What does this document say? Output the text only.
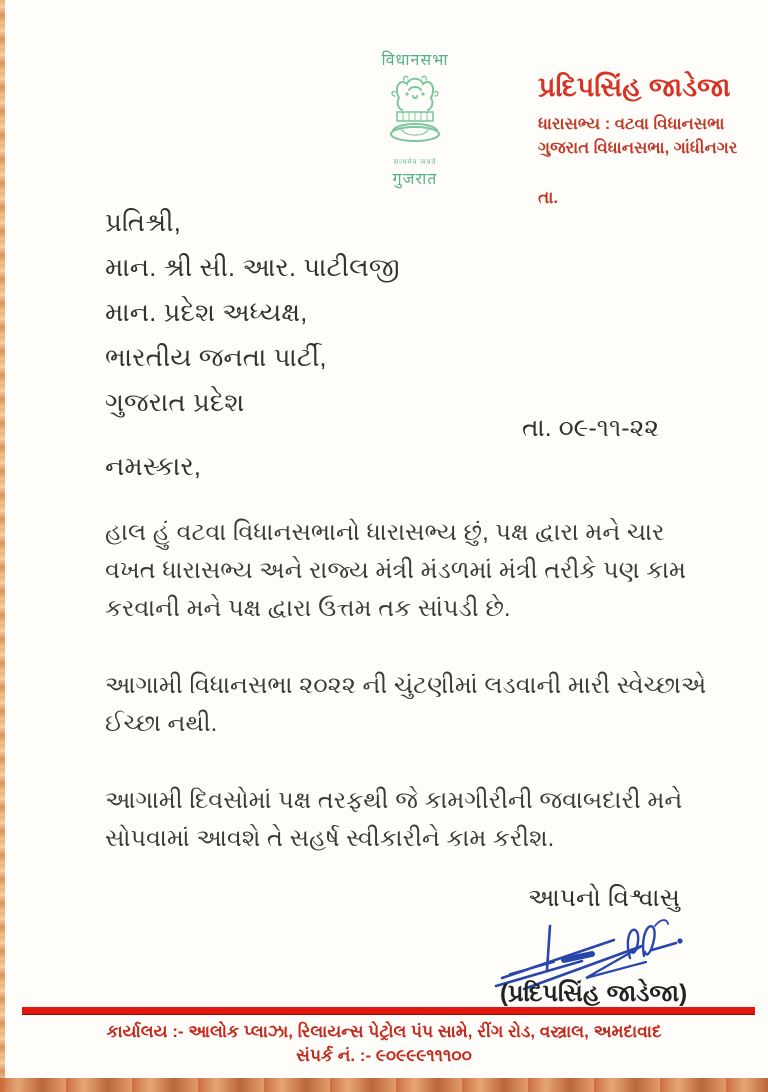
विधानसभा
सत्यमेव जयते
गुजरात
પ્રદિપસિંહ જાડેજા
ધારાસભ્ય : વટવા વિધાનસભા
ગુજરાત વિધાનસભા, ગાંધીનગર
તા.
પ્રતિશ્રી,
માન. શ્રી સી. આર. પાટીલજી
માન. પ્રદેશ અધ્યક્ષ,
ભારતીય જનતા પાર્ટી,
ગુજરાત પ્રદેશ
તા. ૦૯-૧૧-૨૨
નમસ્કાર,
હાલ હું વટવા વિધાનસભાનો ધારાસભ્ય છું, પક્ષ દ્વારા મને ચાર વખત ધારાસભ્ય અને રાજ્ય મંત્રી મંડળમાં મંત્રી તરીકે પણ કામ કરવાની મને પક્ષ દ્વારા ઉત્તમ તક સાંપડી છે.
આગામી વિધાનસભા ૨૦૨૨ ની ચુંટણીમાં લડવાની મારી સ્વેચ્છાએ ઈચ્છા નથી.
આગામી દિવસોમાં પક્ષ તરફથી જે કામગીરીની જવાબદારી મને સોપવામાં આવશે તે સહર્ષ સ્વીકારીને કામ કરીશ.
આપનો વિશ્વાસુ
(પ્રદિપસિંહ જાડેજા)
કાર્યાલય :- આલોક પ્લાઝા, રિલાયન્સ પેટ્રોલ પંપ સામે, રીંગ રોડ, વસ્ત્રાલ, અમદાવાદ
સંપર્ક નં. :- ૯૦૯૯૯૧૧૧૦૦
